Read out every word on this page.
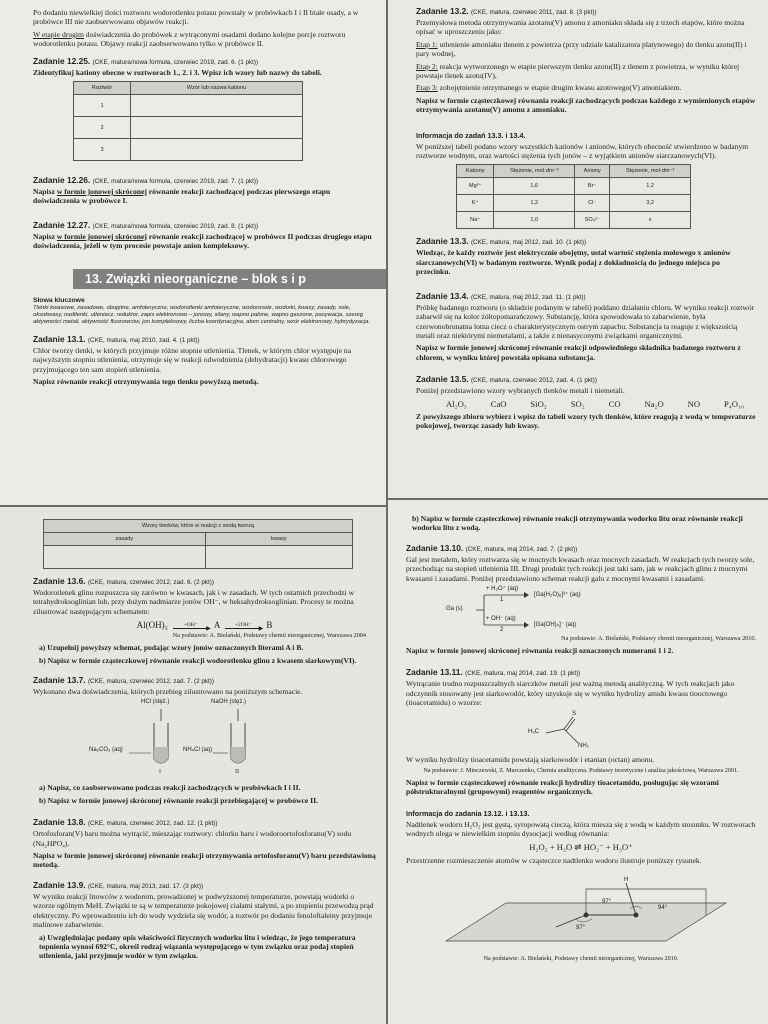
Po dodaniu niewielkiej ilości roztworu wodorotlenku potasu powstały w probówkach I i II białe osady, a w probówce III nie zaobserwowano objawów reakcji.

W etapie drugim doświadczenia do probówek z wytrąconymi osadami dodano kolejne porcje roztworu wodorotlenku potasu. Objawy reakcji zaobserwowano tylko w probówce II.

Zadanie 12.25. (CKE, matura/nowa formuła, czerwiec 2019, zad. 6. (1 pkt))

Zidentyfikuj kationy obecne w roztworach 1., 2. i 3. Wpisz ich wzory lub nazwy do tabeli.

Roztwór	Wzór lub nazwa kationu
1	
2	
3	
Zadanie 12.26. (CKE, matura/nowa formuła, czerwiec 2019, zad. 7. (1 pkt))

Napisz w formie jonowej skróconej równanie reakcji zachodzącej podczas pierwszego etapu doświadczenia w probówce I.

Zadanie 12.27. (CKE, matura/nowa formuła, czerwiec 2019, zad. 8. (1 pkt))

Napisz w formie jonowej skróconej równanie reakcji zachodzącej w probówce II podczas drugiego etapu doświadczenia, jeżeli w tym procesie powstaje anion kompleksowy.

13. Związki nieorganiczne – blok s i p
Słowa kluczowe
Tlenki kwasowe, zasadowe, obojętne, amfoteryczne, wodorotlenki amfoteryczne, wodorosole, wodorki, kwasy, zasady, sole, oksokwasy, nadtlenki, utleniacz, reduktor, zapis elektronowo – jonowy, silany, wapno palone, wapno gaszone, pasywacja, szereg aktywności metali, aktywność fluorowców, jon kompleksowy, liczba koordynacyjna, atom centralny, wzór elektronowy, hybrydyzacja.
Zadanie 13.1. (CKE, matura, maj 2010, zad. 4. (1 pkt))

Chlor tworzy tlenki, w których przyjmuje różne stopnie utlenienia. Tlenek, w którym chlor występuje na najwyższym stopniu utlenienia, otrzymuje się w reakcji odwodnienia (dehydratacji) kwasu chlorowego przyjmującego ten sam stopień utlenienia.

Napisz równanie reakcji otrzymywania tego tlenku powyższą metodą.

Zadanie 13.2. (CKE, matura, czerwiec 2011, zad. 8. (3 pkt))

Przemysłowa metoda otrzymywania azotanu(V) amonu z amoniaku składa się z trzech etapów, które można opisać w uproszczeniu jako:

Etap 1: utlenienie amoniaku tlenem z powietrza (przy udziale katalizatora platynowego) do tlenku azotu(II) i pary wodnej,

Etap 2: reakcja wytworzonego w etapie pierwszym tlenku azotu(II) z tlenem z powietrza, w wyniku której powstaje tlenek azotu(IV),

Etap 3: zobojętnienie otrzymanego w etapie drugim kwasu azotowego(V) amoniakiem.

Napisz w formie cząsteczkowej równania reakcji zachodzących podczas każdego z wymienionych etapów otrzymywania azotanu(V) amonu z amoniaku.

Informacja do zadań 13.3. i 13.4.

W poniższej tabeli podano wzory wszystkich kationów i anionów, których obecność stwierdzono w badanym roztworze wodnym, oraz wartości stężenia tych jonów – z wyjątkiem anionów siarczanowych(VI).

Kationy	Stężenie, mol·dm⁻³	Aniony	Stężenie, mol·dm⁻³
Mg²⁺	1,6	Br⁻	1,2
K⁺	1,2	Cl⁻	3,2
Na⁺	1,0	SO₄²⁻	x
Zadanie 13.3. (CKE, matura, maj 2012, zad. 10. (1 pkt))

Wiedząc, że każdy roztwór jest elektrycznie obojętny, ustal wartość stężenia molowego x anionów siarczanowych(VI) w badanym roztworze. Wynik podaj z dokładnością do jednego miejsca po przecinku.

Zadanie 13.4. (CKE, matura, maj 2012, zad. 11. (1 pkt))

Próbkę badanego roztworu (o składzie podanym w tabeli) poddano działaniu chloru. W wyniku reakcji roztwór zabarwił się na kolor żółtopomarańczowy. Substancję, która spowodowała to zabarwienie, była czerwonobrunatna lotna ciecz o charakterystycznym ostrym zapachu. Substancja ta reaguje z większością metali oraz niektórymi niemetalami, a także z nienasyconymi związkami organicznymi.

Napisz w formie jonowej skróconej równanie reakcji odpowiedniego składnika badanego roztworu z chlorem, w wyniku której powstała opisana substancja.

Zadanie 13.5. (CKE, matura, czerwiec 2012, zad. 4. (1 pkt))

Poniżej przedstawiono wzory wybranych tlenków metali i niemetali.

Al₂O₃	CaO	SiO₂	SO₂	CO	Na₂O	NO	P₄O₁₀

Z powyższego zbioru wybierz i wpisz do tabeli wzory tych tlenków, które reagują z wodą w temperaturze pokojowej, tworząc zasady lub kwasy.

Wzory tlenków, które w reakcji z wodą tworzą	
zasady	kwasy

Zadanie 13.6. (CKE, matura, czerwiec 2012, zad. 6. (2 pkt))

Wodorotlenek glinu rozpuszcza się zarówno w kwasach, jak i w zasadach. W tych ostatnich przechodzi w tetrahydroksoglinian lub, przy dużym nadmiarze jonów OH⁻, w heksahydroksoglinian. Procesy te można zilustrować następującym schematem:

Al(OH)₃	+OH⁻
▶ A	+2OH⁻
▶ B
Na podstawie: A. Bielański, Podstawy chemii nieorganicznej, Warszawa 2004

a) Uzupełnij powyższy schemat, podając wzory jonów oznaczonych literami A i B.

b) Napisz w formie cząsteczkowej równanie reakcji wodorotlenku glinu z kwasem siarkowym(VI).

Zadanie 13.7. (CKE, matura, czerwiec 2012, zad. 7. (2 pkt))

Wykonano dwa doświadczenia, których przebieg zilustrowano na poniższym schemacie.

HCl (stęż.)	NaOH (stęż.)
Na₂CO₃ (aq)	NH₄Cl (aq)
I	II

a) Napisz, co zaobserwowano podczas reakcji zachodzących w probówkach I i II.

b) Napisz w formie jonowej skróconej równanie reakcji przebiegającej w probówce II.

Zadanie 13.8. (CKE, matura, czerwiec 2012, zad. 12. (1 pkt))

Ortofosforan(V) baru można wytrącić, mieszając roztwory: chlorku baru i wodoroortofosforanu(V) sodu (Na₂HPO₄).

Napisz w formie jonowej skróconej równanie reakcji otrzymywania ortofosforanu(V) baru przedstawioną metodą.

Zadanie 13.9. (CKE, matura, maj 2013, zad. 17. (3 pkt))

W wyniku reakcji litowców z wodorem, prowadzonej w podwyższonej temperaturze, powstają wodorki o wzorze ogólnym MeH. Związki te są w temperaturze pokojowej ciałami stałymi, a po stopieniu przewodzą prąd elektryczny. Po wprowadzeniu ich do wody wydziela się wodór, a roztwór po dodaniu fenoloftaleiny przyjmuje malinowe zabarwienie.

a) Uwzględniając podany opis właściwości fizycznych wodorku litu i wiedząc, że jego temperatura topnienia wynosi 692°C, określ rodzaj wiązania występującego w tym związku oraz podaj stopień utlenienia, jaki przyjmuje wodór w tym związku.

b) Napisz w formie cząsteczkowej równanie reakcji otrzymywania wodorku litu oraz równanie reakcji wodorku litu z wodą.

Zadanie 13.10. (CKE, matura, maj 2014, zad. 7. (2 pkt))

Gal jest metalem, który roztwarza się w mocnych kwasach oraz mocnych zasadach. W reakcjach tych tworzy sole, przechodząc na stopień utlenienia III. Drugi produkt tych reakcji jest taki sam, jak w reakcjach glinu z mocnymi kwasami i zasadami. Poniżej przedstawiono schemat reakcji galu z mocnymi kwasami i zasadami.

Ga (s)
+ H₃O⁺ (aq)
1
[Ga(H₂O)₆]³⁺ (aq)
+ OH⁻ (aq)
2
[Ga(OH)₄]⁻ (aq)
Na podstawie: A. Bielański, Podstawy chemii nieorganicznej, Warszawa 2010.

Napisz w formie jonowej skróconej równania reakcji oznaczonych numerami 1 i 2.

Zadanie 13.11. (CKE, matura, maj 2014, zad. 19. (1 pkt))

Wytrącanie trudno rozpuszczalnych siarczków metali jest ważną metodą analityczną. W tych reakcjach jako odczynnik stosowany jest siarkowodór, który uzyskuje się w wyniku hydrolizy amidu kwasu tiooctowego (tioacetamidu) o wzorze:

S
H₃C
NH₂

W wyniku hydrolizy tioacetamidu powstają siarkowodór i etanian (octan) amonu.

Na podstawie: J. Minczewski, Z. Marczenko, Chemia analityczna. Podstawy teoretyczne i analiza jakościowa, Warszawa 2001.

Napisz w formie cząsteczkowej równanie reakcji hydrolizy tioacetamidu, posługując się wzorami półstrukturalnymi (grupowymi) reagentów organicznych.

Informacja do zadania 13.12. i 13.13.

Nadtlenek wodoru H₂O₂ jest gęstą, syropowatą cieczą, która miesza się z wodą w każdym stosunku. W roztworach wodnych ulega w niewielkim stopniu dysocjacji według równania:

H₂O₂ + H₂O ⇌ HO₂⁻ + H₃O⁺

Przestrzenne rozmieszczenie atomów w cząsteczce nadtlenku wodoru ilustruje poniższy rysunek.

H
97°
94°
97°
Na podstawie: A. Bielański, Podstawy chemii nieorganicznej, Warszawa 2010.
